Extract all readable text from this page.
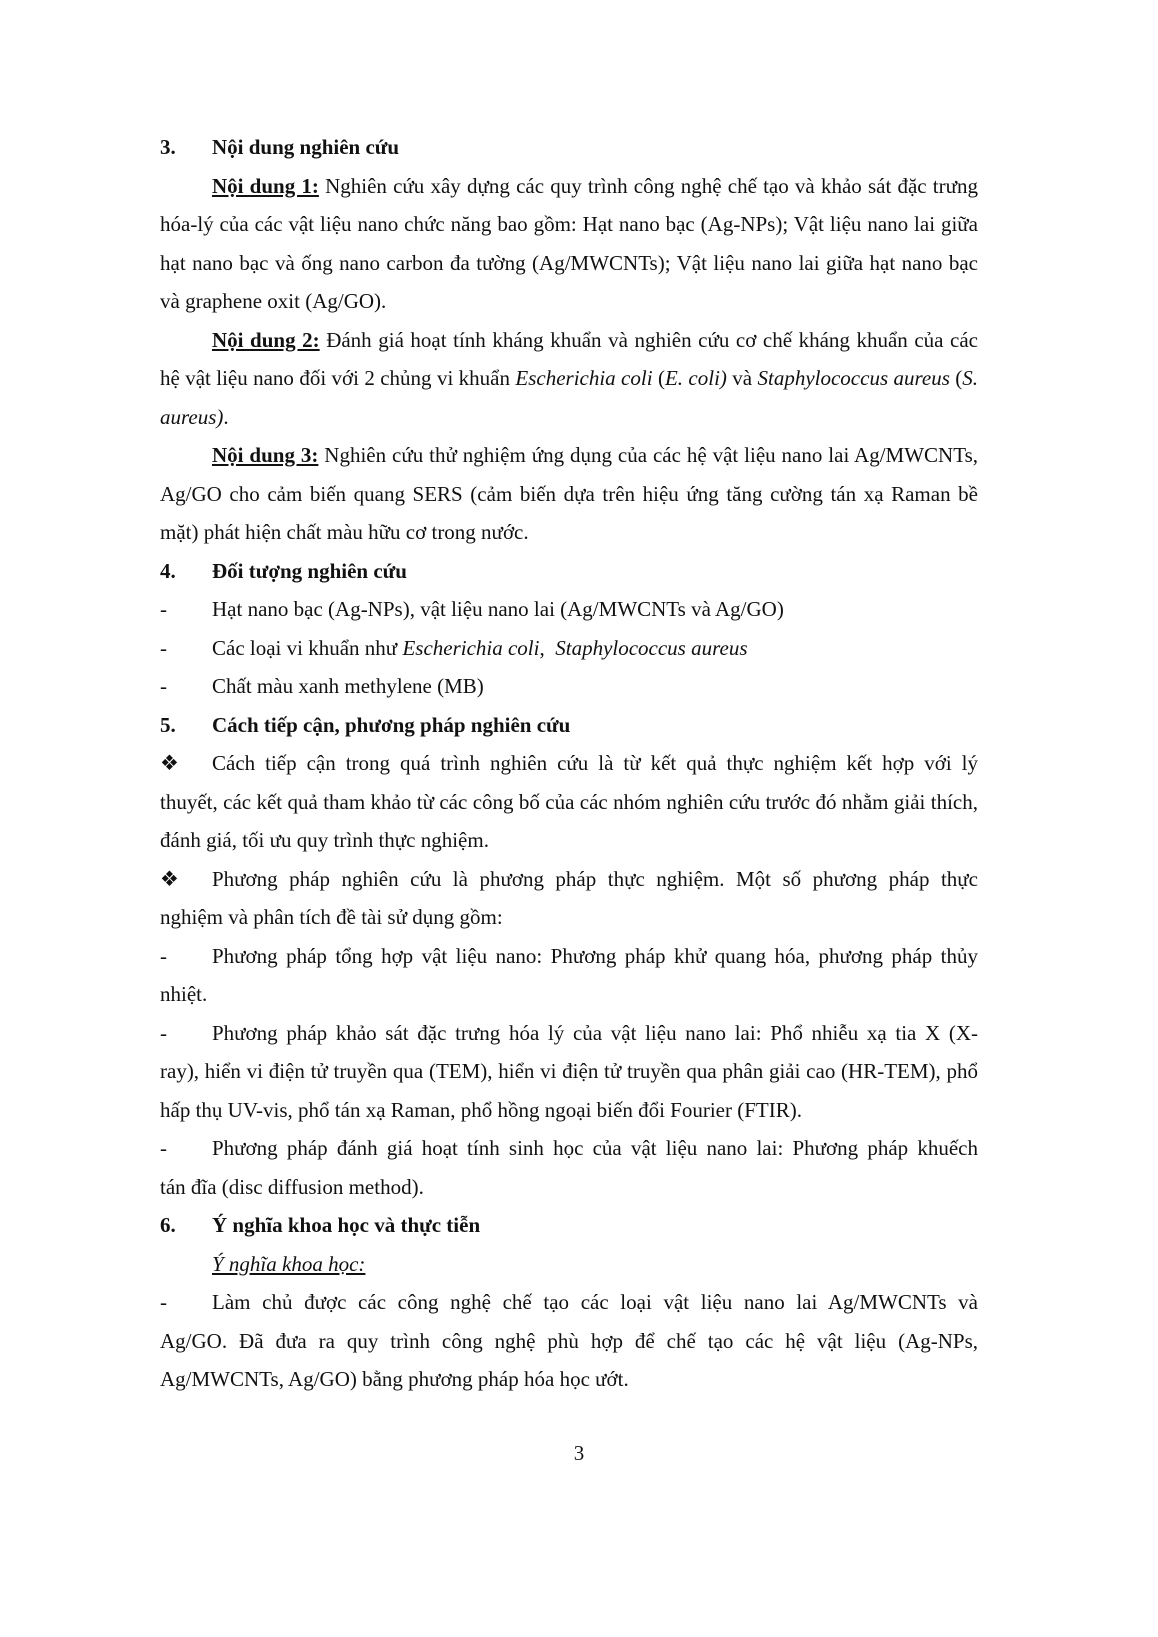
3.	Nội dung nghiên cứu
Nội dung 1: Nghiên cứu xây dựng các quy trình công nghệ chế tạo và khảo sát đặc trưng hóa-lý của các vật liệu nano chức năng bao gồm: Hạt nano bạc (Ag-NPs); Vật liệu nano lai giữa hạt nano bạc và ống nano carbon đa tường (Ag/MWCNTs); Vật liệu nano lai giữa hạt nano bạc và graphene oxit (Ag/GO).
Nội dung 2: Đánh giá hoạt tính kháng khuẩn và nghiên cứu cơ chế kháng khuẩn của các hệ vật liệu nano đối với 2 chủng vi khuẩn Escherichia coli (E. coli) và Staphylococcus aureus (S. aureus).
Nội dung 3: Nghiên cứu thử nghiệm ứng dụng của các hệ vật liệu nano lai Ag/MWCNTs, Ag/GO cho cảm biến quang SERS (cảm biến dựa trên hiệu ứng tăng cường tán xạ Raman bề mặt) phát hiện chất màu hữu cơ trong nước.
4.	Đối tượng nghiên cứu
-	Hạt nano bạc (Ag-NPs), vật liệu nano lai (Ag/MWCNTs và Ag/GO)
-	Các loại vi khuẩn như Escherichia coli,  Staphylococcus aureus
-	Chất màu xanh methylene (MB)
5.	Cách tiếp cận, phương pháp nghiên cứu
❖	Cách tiếp cận trong quá trình nghiên cứu là từ kết quả thực nghiệm kết hợp với lý
thuyết, các kết quả tham khảo từ các công bố của các nhóm nghiên cứu trước đó nhằm giải thích, đánh giá, tối ưu quy trình thực nghiệm.
❖	Phương pháp nghiên cứu là phương pháp thực nghiệm. Một số phương pháp thực
nghiệm và phân tích đề tài sử dụng gồm:
-	Phương pháp tổng hợp vật liệu nano: Phương pháp khử quang hóa, phương pháp thủy
nhiệt.
-	Phương pháp khảo sát đặc trưng hóa lý của vật liệu nano lai: Phổ nhiễu xạ tia X (X-
ray), hiển vi điện tử truyền qua (TEM), hiển vi điện tử truyền qua phân giải cao (HR-TEM), phổ hấp thụ UV-vis, phổ tán xạ Raman, phổ hồng ngoại biến đổi Fourier (FTIR).
-	Phương pháp đánh giá hoạt tính sinh học của vật liệu nano lai: Phương pháp khuếch
tán đĩa (disc diffusion method).
6.	Ý nghĩa khoa học và thực tiễn
Ý nghĩa khoa học:
-	Làm chủ được các công nghệ chế tạo các loại vật liệu nano lai Ag/MWCNTs và
Ag/GO. Đã đưa ra quy trình công nghệ phù hợp để chế tạo các hệ vật liệu (Ag-NPs, Ag/MWCNTs, Ag/GO) bằng phương pháp hóa học ướt.
3
